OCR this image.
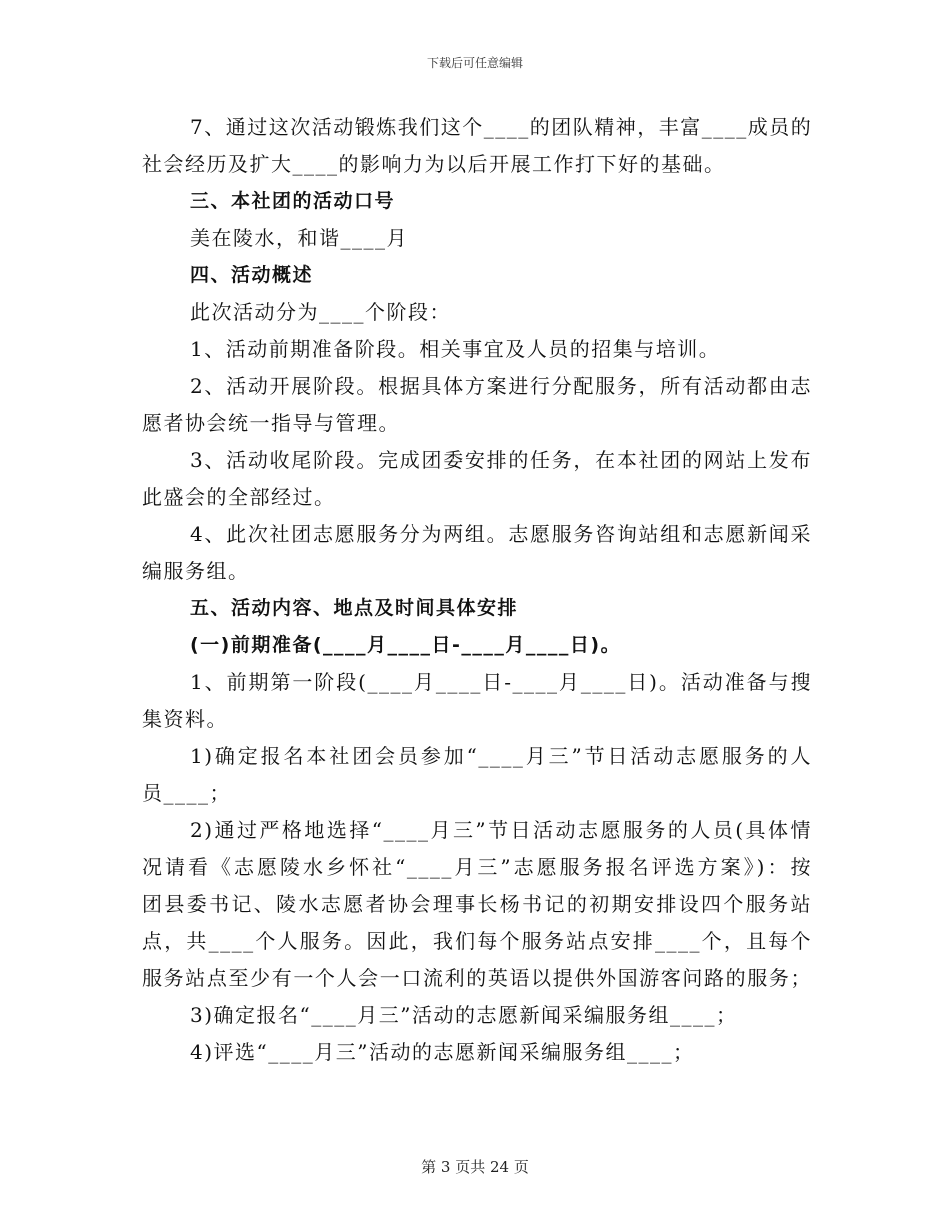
下载后可任意编辑
7、通过这次活动锻炼我们这个____的团队精神，丰富____成员的
社会经历及扩大____的影响力为以后开展工作打下好的基础。
三、本社团的活动口号
美在陵水，和谐____月
四、活动概述
此次活动分为____个阶段：
1、活动前期准备阶段。相关事宜及人员的招集与培训。
2、活动开展阶段。根据具体方案进行分配服务，所有活动都由志
愿者协会统一指导与管理。
3、活动收尾阶段。完成团委安排的任务，在本社团的网站上发布
此盛会的全部经过。
4、此次社团志愿服务分为两组。志愿服务咨询站组和志愿新闻采
编服务组。
五、活动内容、地点及时间具体安排
(一)前期准备(____月____日-____月____日)。
1、前期第一阶段(____月____日-____月____日)。活动准备与搜
集资料。
1)确定报名本社团会员参加“____月三”节日活动志愿服务的人
员____；
2)通过严格地选择“____月三”节日活动志愿服务的人员(具体情
况请看《志愿陵水乡怀社“____月三”志愿服务报名评选方案》)：按
团县委书记、陵水志愿者协会理事长杨书记的初期安排设四个服务站
点，共____个人服务。因此，我们每个服务站点安排____个，且每个
服务站点至少有一个人会一口流利的英语以提供外国游客问路的服务；
3)确定报名“____月三”活动的志愿新闻采编服务组____；
4)评选“____月三”活动的志愿新闻采编服务组____；
第 3 页共 24 页
